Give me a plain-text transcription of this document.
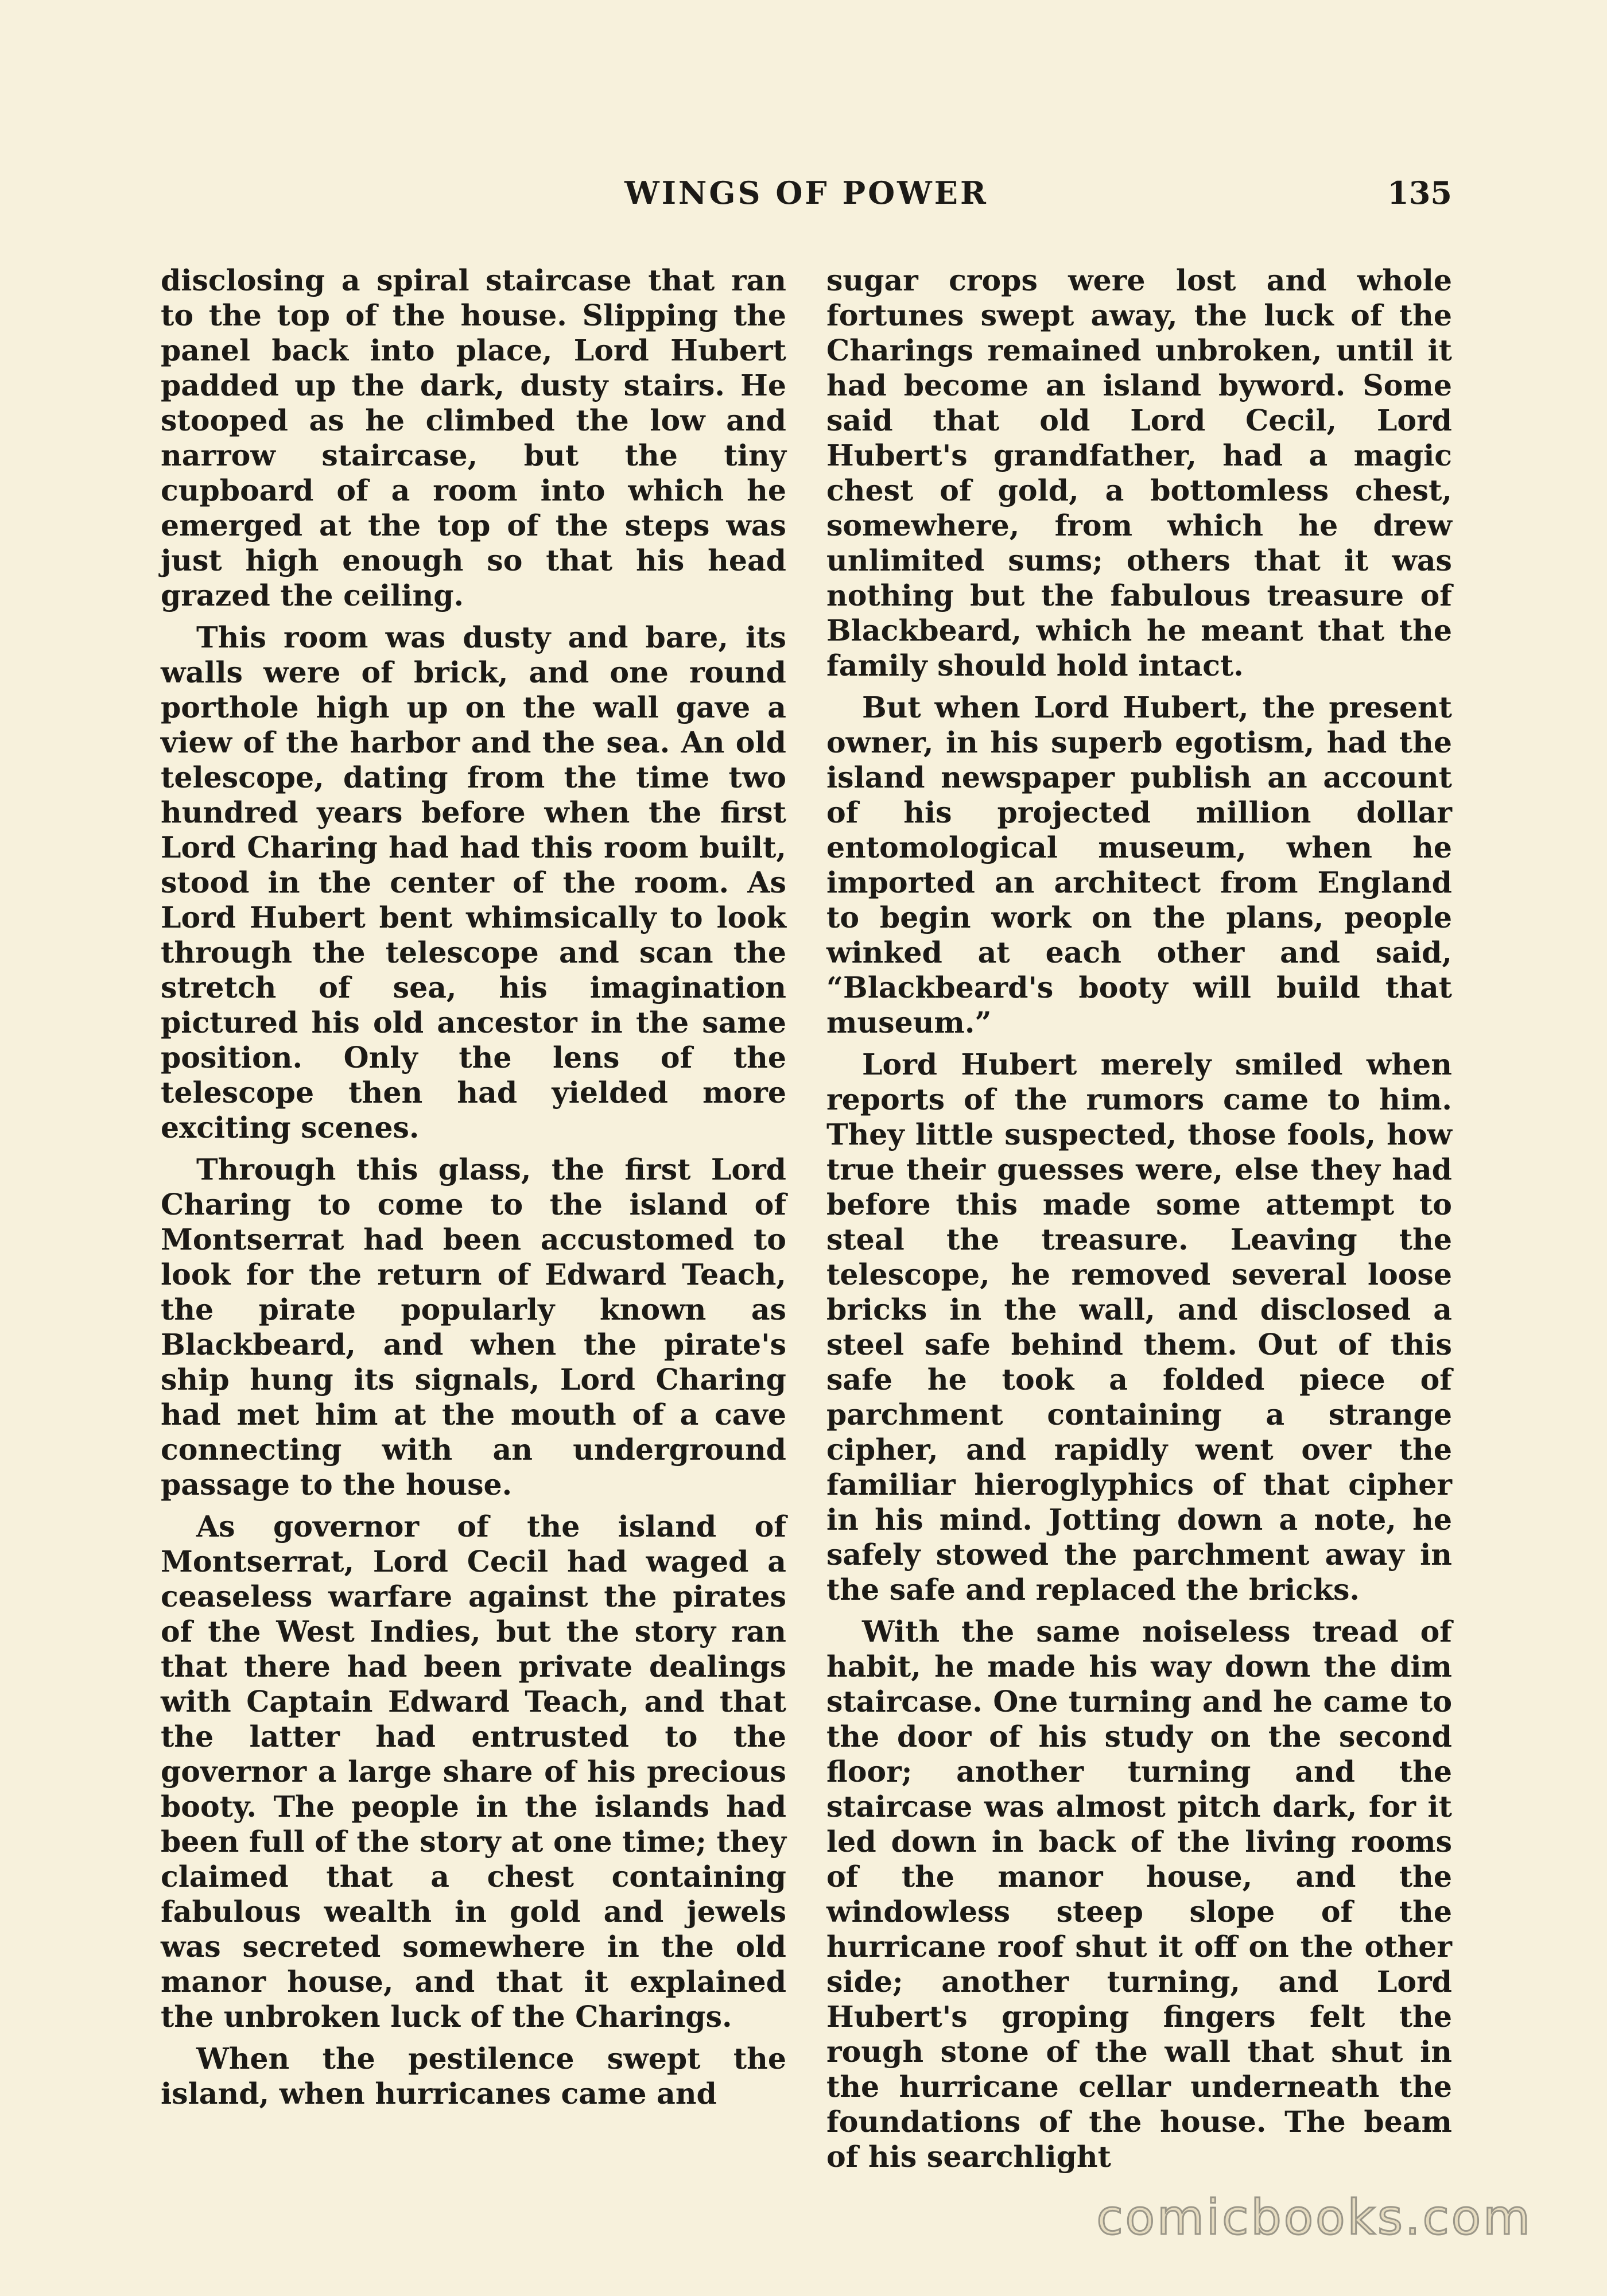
WINGS OF POWER	135

disclosing a spiral staircase that ran to the top of the house. Slipping the panel back into place, Lord Hubert padded up the dark, dusty stairs. He stooped as he climbed the low and narrow staircase, but the tiny cupboard of a room into which he emerged at the top of the steps was just high enough so that his head grazed the ceiling.

This room was dusty and bare, its walls were of brick, and one round porthole high up on the wall gave a view of the harbor and the sea. An old telescope, dating from the time two hundred years before when the first Lord Charing had had this room built, stood in the center of the room. As Lord Hubert bent whimsically to look through the telescope and scan the stretch of sea, his imagination pictured his old ancestor in the same position. Only the lens of the telescope then had yielded more exciting scenes.

Through this glass, the first Lord Charing to come to the island of Montserrat had been accustomed to look for the return of Edward Teach, the pirate popularly known as Blackbeard, and when the pirate's ship hung its signals, Lord Charing had met him at the mouth of a cave connecting with an underground passage to the house.

As governor of the island of Montserrat, Lord Cecil had waged a ceaseless warfare against the pirates of the West Indies, but the story ran that there had been private dealings with Captain Edward Teach, and that the latter had entrusted to the governor a large share of his precious booty. The people in the islands had been full of the story at one time; they claimed that a chest containing fabulous wealth in gold and jewels was secreted somewhere in the old manor house, and that it explained the unbroken luck of the Charings.

When the pestilence swept the island, when hurricanes came and

sugar crops were lost and whole fortunes swept away, the luck of the Charings remained unbroken, until it had become an island byword. Some said that old Lord Cecil, Lord Hubert's grandfather, had a magic chest of gold, a bottomless chest, somewhere, from which he drew unlimited sums; others that it was nothing but the fabulous treasure of Blackbeard, which he meant that the family should hold intact.

But when Lord Hubert, the present owner, in his superb egotism, had the island newspaper publish an account of his projected million dollar entomological museum, when he imported an architect from England to begin work on the plans, people winked at each other and said, “Blackbeard's booty will build that museum.”

Lord Hubert merely smiled when reports of the rumors came to him. They little suspected, those fools, how true their guesses were, else they had before this made some attempt to steal the treasure. Leaving the telescope, he removed several loose bricks in the wall, and disclosed a steel safe behind them. Out of this safe he took a folded piece of parchment containing a strange cipher, and rapidly went over the familiar hieroglyphics of that cipher in his mind. Jotting down a note, he safely stowed the parchment away in the safe and replaced the bricks.

With the same noiseless tread of habit, he made his way down the dim staircase. One turning and he came to the door of his study on the second floor; another turning and the staircase was almost pitch dark, for it led down in back of the living rooms of the manor house, and the windowless steep slope of the hurricane roof shut it off on the other side; another turning, and Lord Hubert's groping fingers felt the rough stone of the wall that shut in the hurricane cellar underneath the foundations of the house. The beam of his searchlight

comicbooks.com
